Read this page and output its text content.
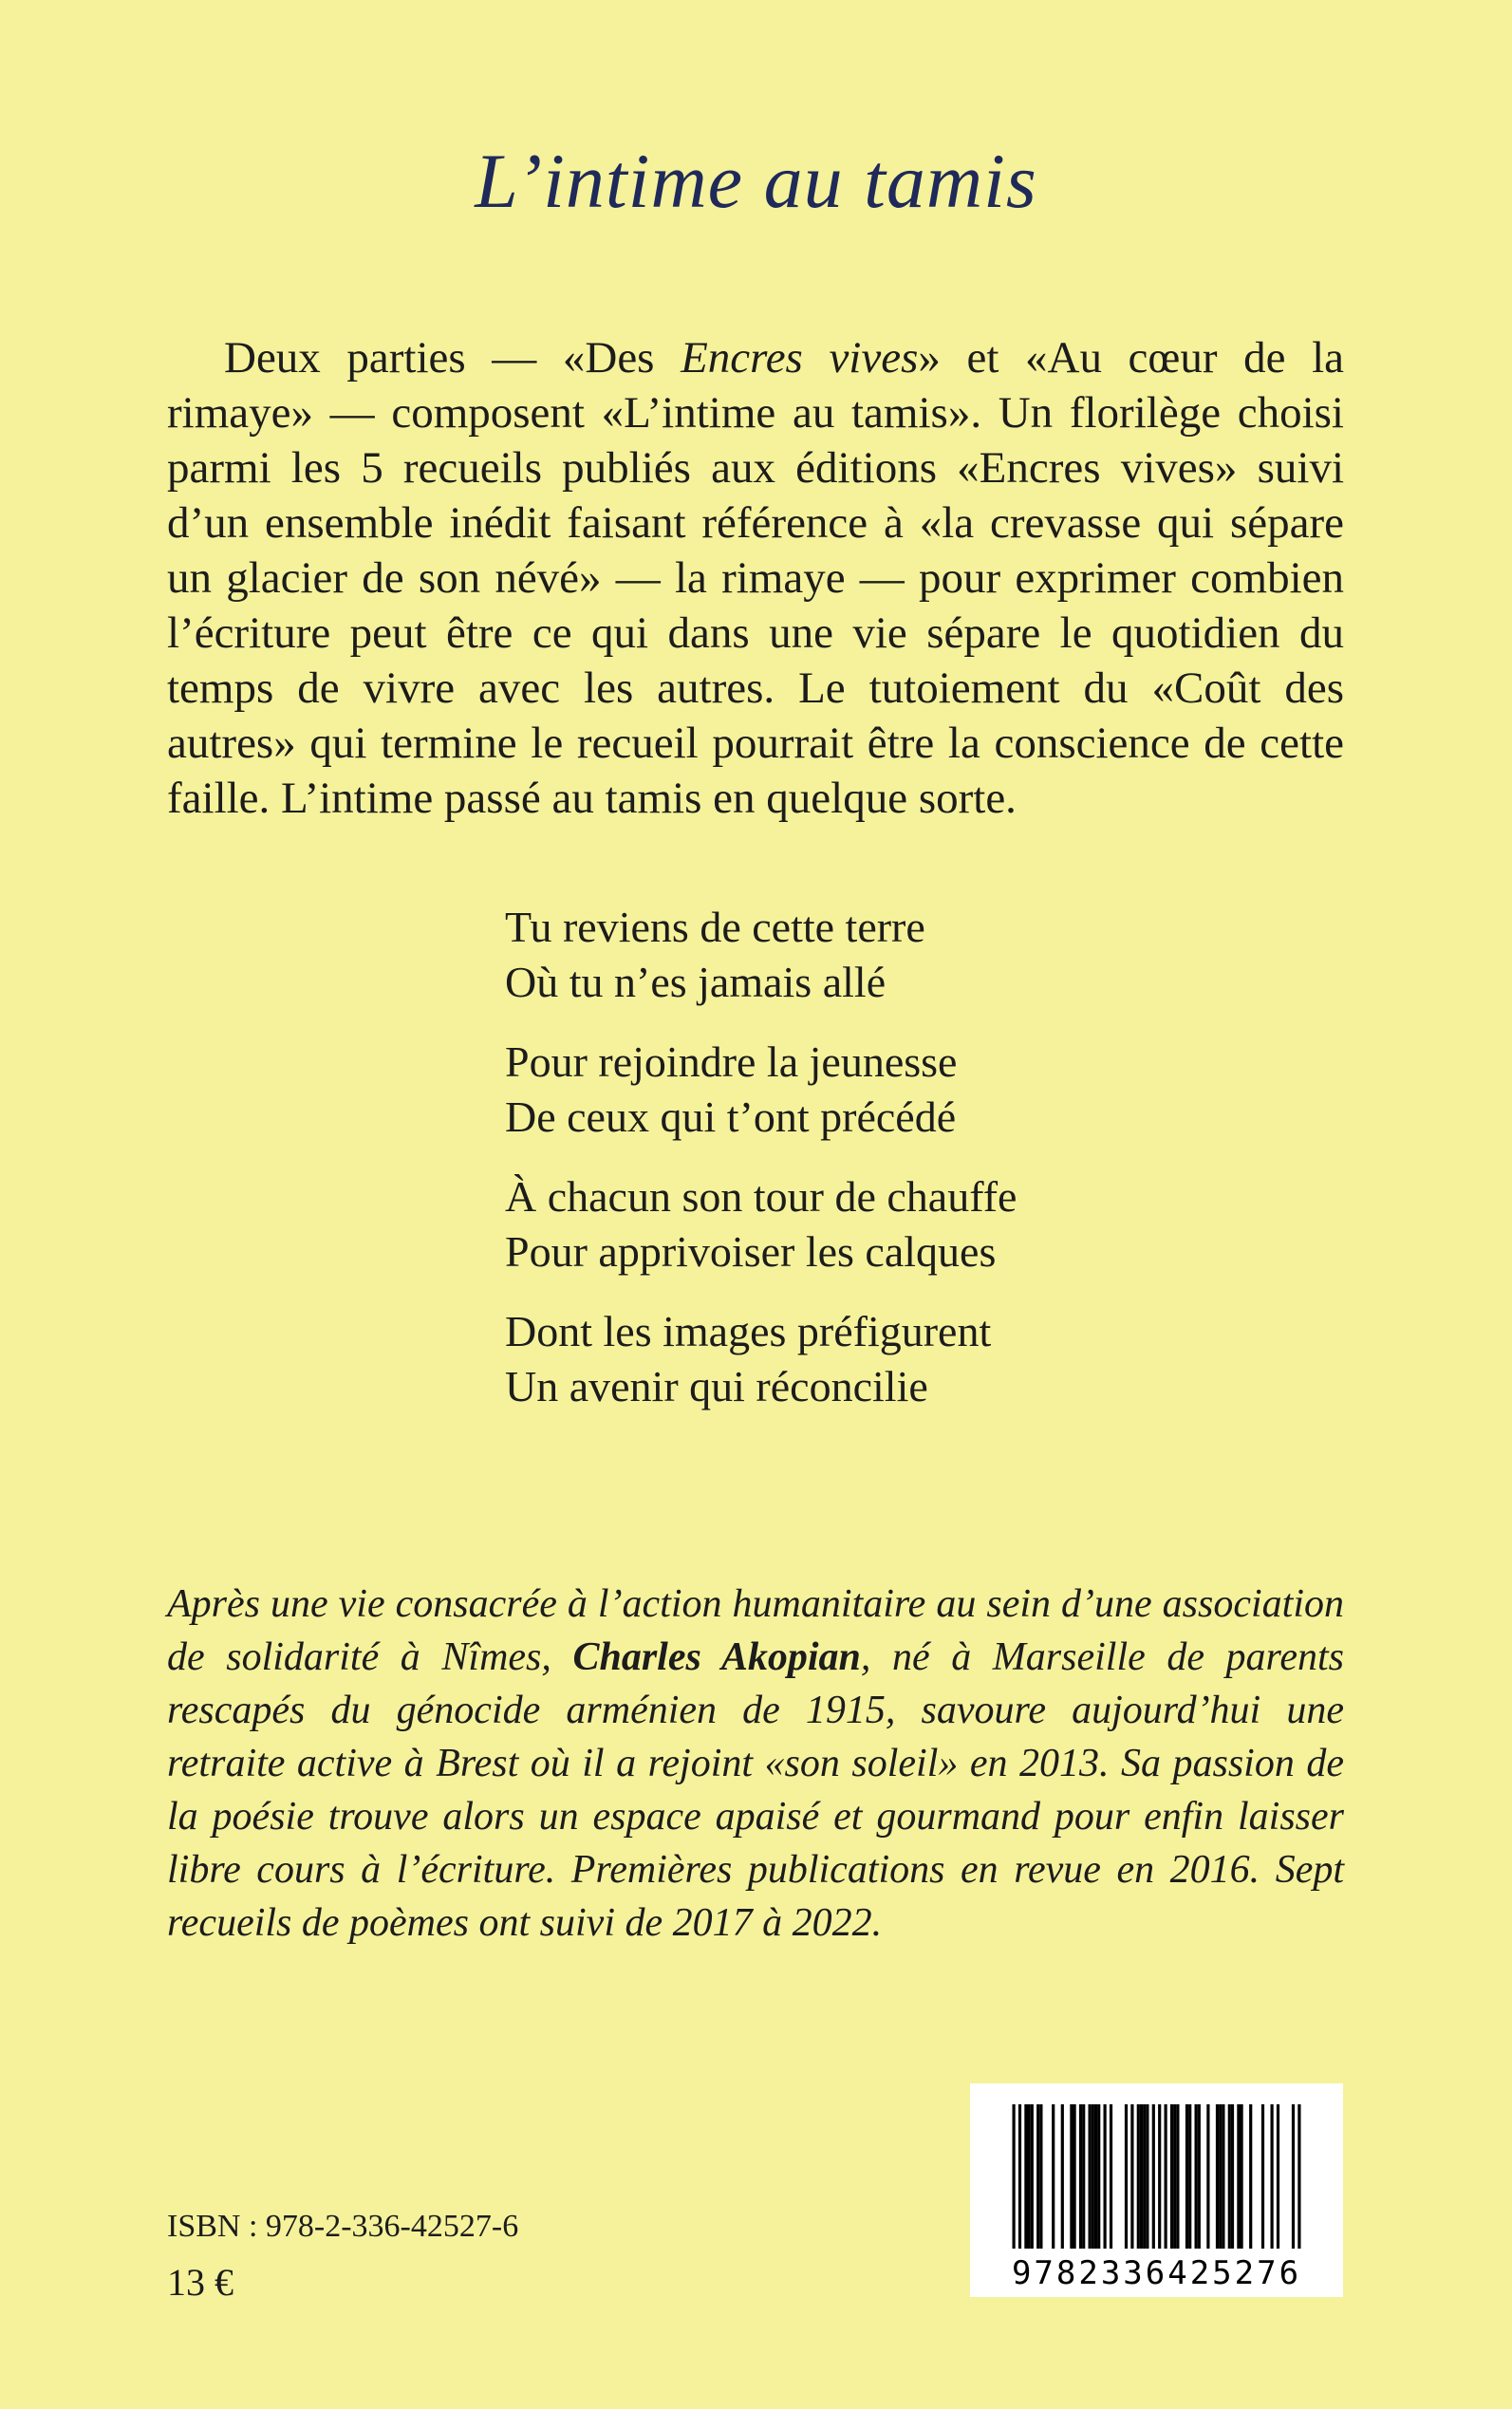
L’intime au tamis

Deux parties — «Des Encres vives» et «Au cœur de la rimaye» — composent «L’intime au tamis». Un florilège choisi parmi les 5 recueils publiés aux éditions «Encres vives» suivi d’un ensemble inédit faisant référence à «la crevasse qui sépare un glacier de son névé» — la rimaye — pour exprimer combien l’écriture peut être ce qui dans une vie sépare le quotidien du temps de vivre avec les autres. Le tutoiement du «Coût des autres» qui termine le recueil pourrait être la conscience de cette faille. L’intime passé au tamis en quelque sorte.

Tu reviens de cette terre
Où tu n’es jamais allé
Pour rejoindre la jeunesse
De ceux qui t’ont précédé
À chacun son tour de chauffe
Pour apprivoiser les calques
Dont les images préfigurent
Un avenir qui réconcilie

Après une vie consacrée à l’action humanitaire au sein d’une association de solidarité à Nîmes, Charles Akopian, né à Marseille de parents rescapés du génocide arménien de 1915, savoure aujourd’hui une retraite active à Brest où il a rejoint «son soleil» en 2013. Sa passion de la poésie trouve alors un espace apaisé et gourmand pour enfin laisser libre cours à l’écriture. Premières publications en revue en 2016. Sept recueils de poèmes ont suivi de 2017 à 2022.

ISBN : 978-2-336-42527-6
13 €	9782336425276
